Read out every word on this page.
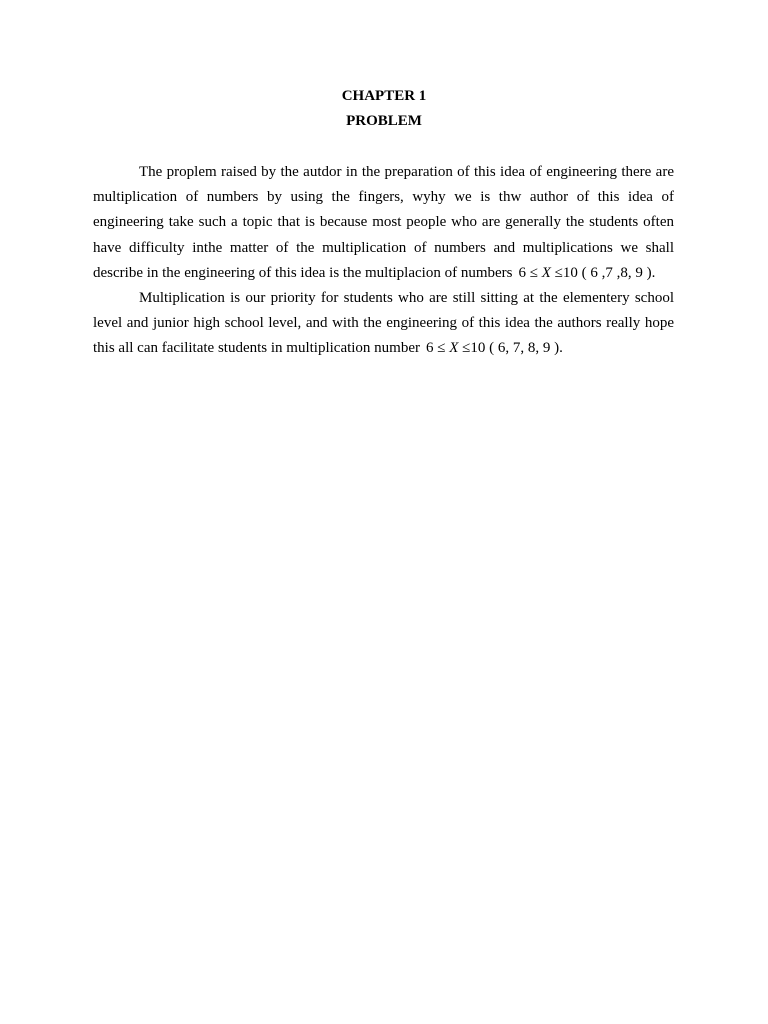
CHAPTER 1
PROBLEM

The proplem raised by the autdor in the preparation of this idea of engineering there are multiplication of numbers by using the fingers, wyhy we is thw author of this idea of engineering take such a topic that is because most people who are generally the students often have difficulty inthe matter of the multiplication of numbers and multiplications we shall describe in the engineering of this idea is the multiplacion of numbers 6 ≤ X ≤10 ( 6 ,7 ,8, 9 ).

Multiplication is our priority for students who are still sitting at the elementery school level and junior high school level, and with the engineering of this idea the authors really hope this all can facilitate students in multiplication number 6 ≤ X ≤10 ( 6, 7, 8, 9 ).
